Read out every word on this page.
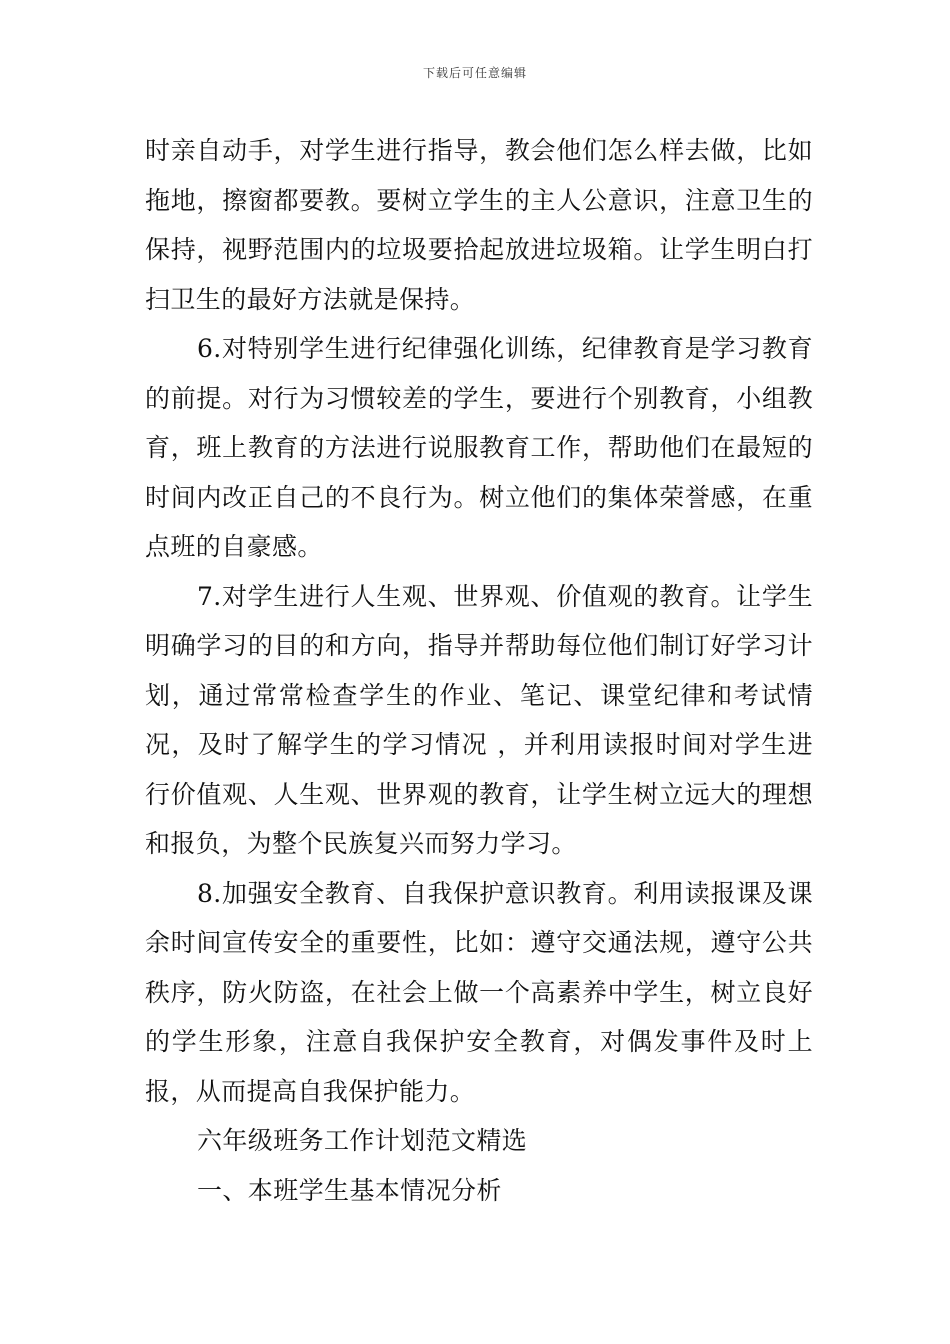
下载后可任意编辑

时亲自动手，对学生进行指导，教会他们怎么样去做，比如拖地，擦窗都要教。要树立学生的主人公意识，注意卫生的保持，视野范围内的垃圾要拾起放进垃圾箱。让学生明白打扫卫生的最好方法就是保持。

6.对特别学生进行纪律强化训练，纪律教育是学习教育的前提。对行为习惯较差的学生，要进行个别教育，小组教育，班上教育的方法进行说服教育工作，帮助他们在最短的时间内改正自己的不良行为。树立他们的集体荣誉感，在重点班的自豪感。

7.对学生进行人生观、世界观、价值观的教育。让学生明确学习的目的和方向，指导并帮助每位他们制订好学习计划，通过常常检查学生的作业、笔记、课堂纪律和考试情况，及时了解学生的学习情况 ，并利用读报时间对学生进行价值观、人生观、世界观的教育，让学生树立远大的理想和报负，为整个民族复兴而努力学习。

8.加强安全教育、自我保护意识教育。利用读报课及课余时间宣传安全的重要性，比如：遵守交通法规，遵守公共秩序，防火防盗，在社会上做一个高素养中学生，树立良好的学生形象，注意自我保护安全教育，对偶发事件及时上报，从而提高自我保护能力。

六年级班务工作计划范文精选

一、本班学生基本情况分析
